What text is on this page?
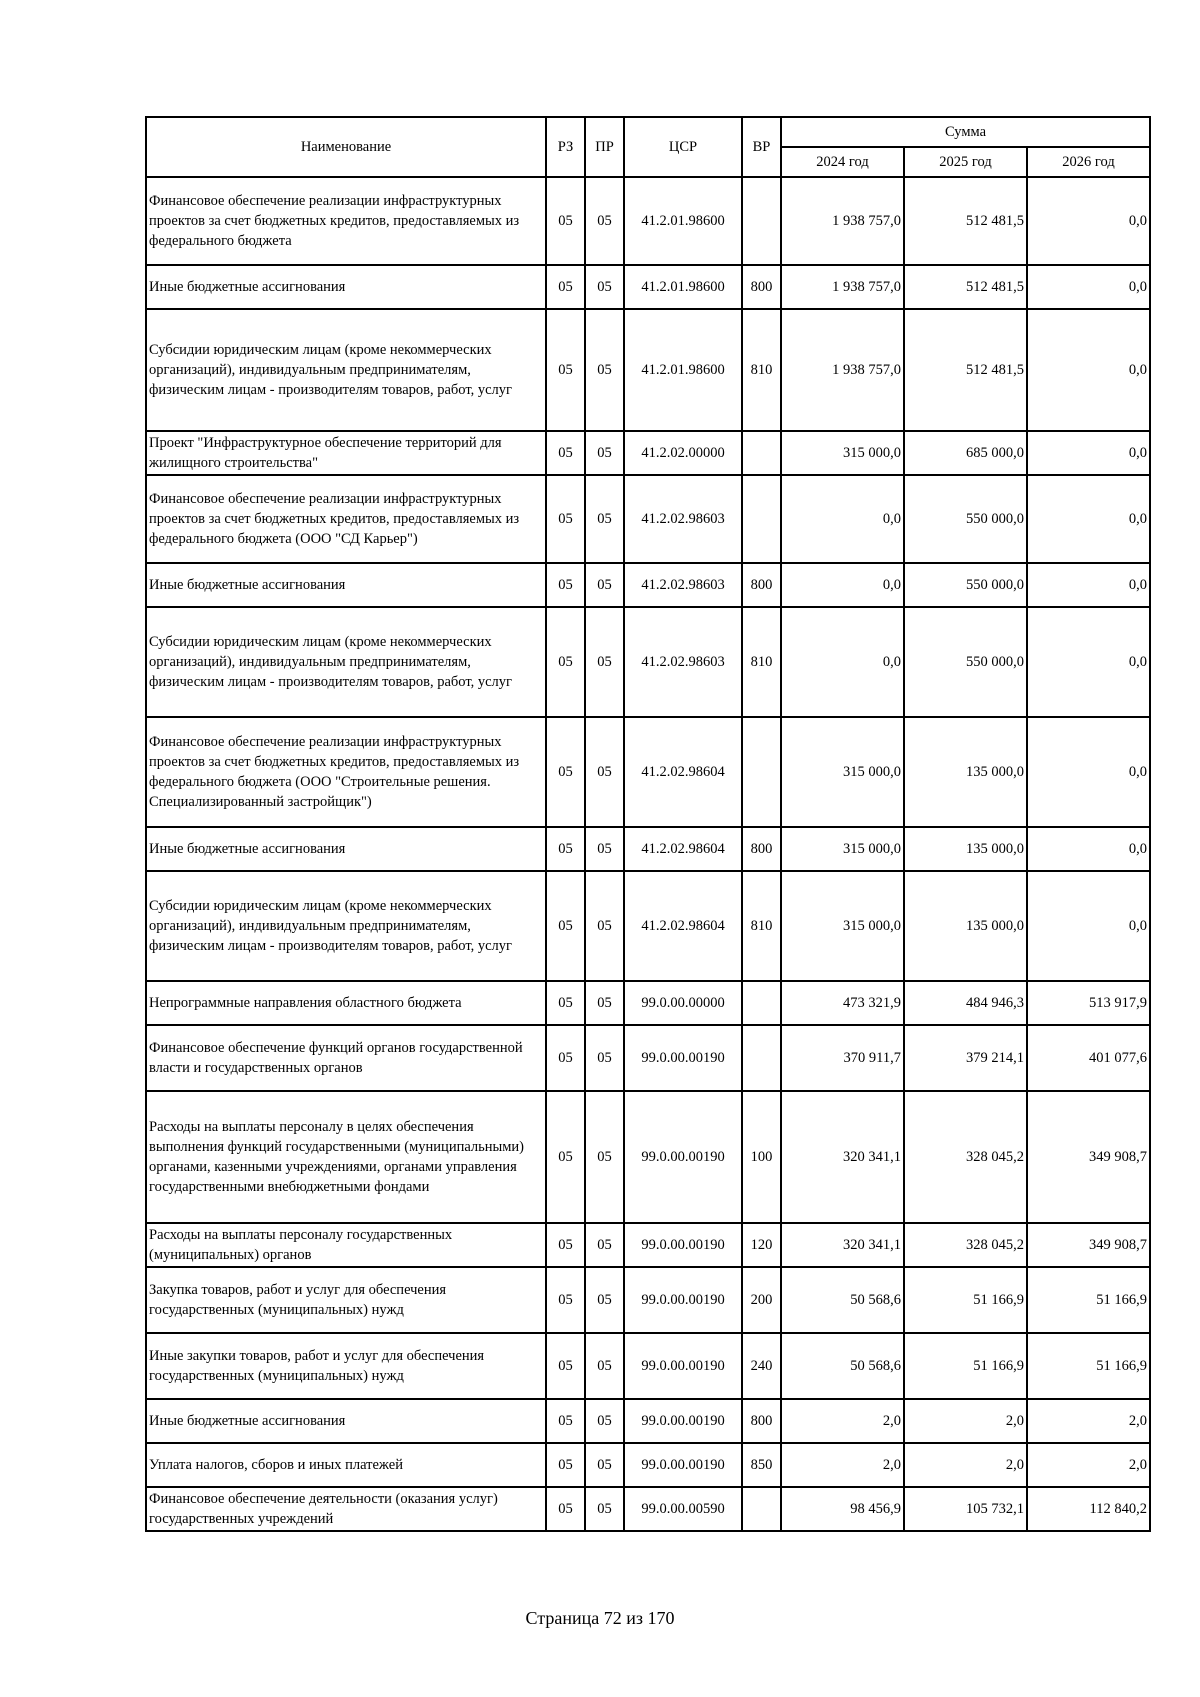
Наименование	РЗ	ПР	ЦСР	ВР	Сумма		
					2024 год	2025 год	2026 год
Финансовое обеспечение реализации инфраструктурных проектов за счет бюджетных кредитов, предоставляемых из федерального бюджета	05	05	41.2.01.98600		1 938 757,0	512 481,5	0,0
Иные бюджетные ассигнования	05	05	41.2.01.98600	800	1 938 757,0	512 481,5	0,0
Субсидии юридическим лицам (кроме некоммерческих организаций), индивидуальным предпринимателям, физическим лицам - производителям товаров, работ, услуг	05	05	41.2.01.98600	810	1 938 757,0	512 481,5	0,0
Проект "Инфраструктурное обеспечение территорий для жилищного строительства"	05	05	41.2.02.00000		315 000,0	685 000,0	0,0
Финансовое обеспечение реализации инфраструктурных проектов за счет бюджетных кредитов, предоставляемых из федерального бюджета (ООО "СД Карьер")	05	05	41.2.02.98603		0,0	550 000,0	0,0
Иные бюджетные ассигнования	05	05	41.2.02.98603	800	0,0	550 000,0	0,0
Субсидии юридическим лицам (кроме некоммерческих организаций), индивидуальным предпринимателям, физическим лицам - производителям товаров, работ, услуг	05	05	41.2.02.98603	810	0,0	550 000,0	0,0
Финансовое обеспечение реализации инфраструктурных проектов за счет бюджетных кредитов, предоставляемых из федерального бюджета (ООО "Строительные решения. Специализированный застройщик")	05	05	41.2.02.98604		315 000,0	135 000,0	0,0
Иные бюджетные ассигнования	05	05	41.2.02.98604	800	315 000,0	135 000,0	0,0
Субсидии юридическим лицам (кроме некоммерческих организаций), индивидуальным предпринимателям, физическим лицам - производителям товаров, работ, услуг	05	05	41.2.02.98604	810	315 000,0	135 000,0	0,0
Непрограммные направления областного бюджета	05	05	99.0.00.00000		473 321,9	484 946,3	513 917,9
Финансовое обеспечение функций органов государственной власти и государственных органов	05	05	99.0.00.00190		370 911,7	379 214,1	401 077,6
Расходы на выплаты персоналу в целях обеспечения выполнения функций государственными (муниципальными) органами, казенными учреждениями, органами управления государственными внебюджетными фондами	05	05	99.0.00.00190	100	320 341,1	328 045,2	349 908,7
Расходы на выплаты персоналу государственных (муниципальных) органов	05	05	99.0.00.00190	120	320 341,1	328 045,2	349 908,7
Закупка товаров, работ и услуг для обеспечения государственных (муниципальных) нужд	05	05	99.0.00.00190	200	50 568,6	51 166,9	51 166,9
Иные закупки товаров, работ и услуг для обеспечения государственных (муниципальных) нужд	05	05	99.0.00.00190	240	50 568,6	51 166,9	51 166,9
Иные бюджетные ассигнования	05	05	99.0.00.00190	800	2,0	2,0	2,0
Уплата налогов, сборов и иных платежей	05	05	99.0.00.00190	850	2,0	2,0	2,0
Финансовое обеспечение деятельности (оказания услуг) государственных учреждений	05	05	99.0.00.00590		98 456,9	105 732,1	112 840,2
Страница 72 из 170
